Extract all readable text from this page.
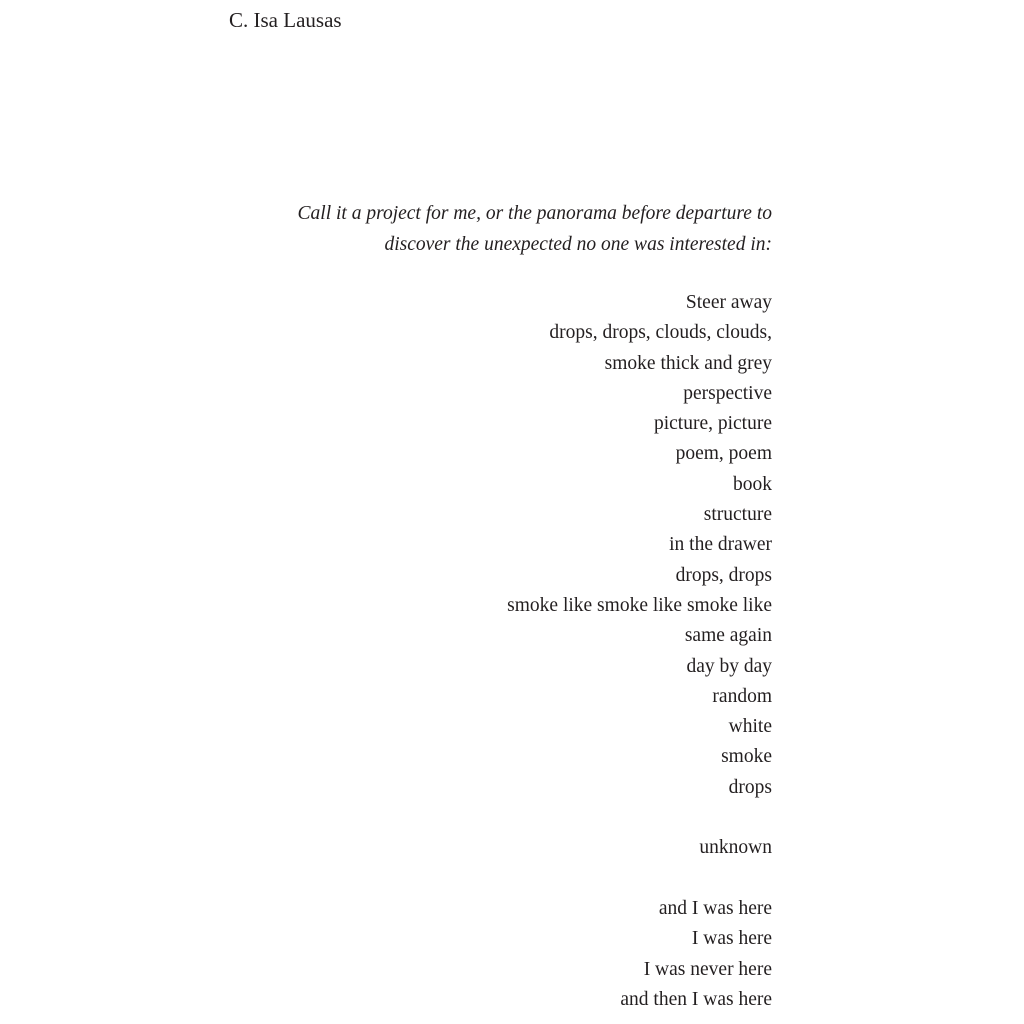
C. Isa Lausas
Call it a project for me, or the panorama before departure to
discover the unexpected no one was interested in:
Steer away
drops, drops, clouds, clouds,
smoke thick and grey
perspective
picture, picture
poem, poem
book
structure
in the drawer
drops, drops
smoke like smoke like smoke like
same again
day by day
random
white
smoke
drops
unknown
and I was here
I was here
I was never here
and then I was here
